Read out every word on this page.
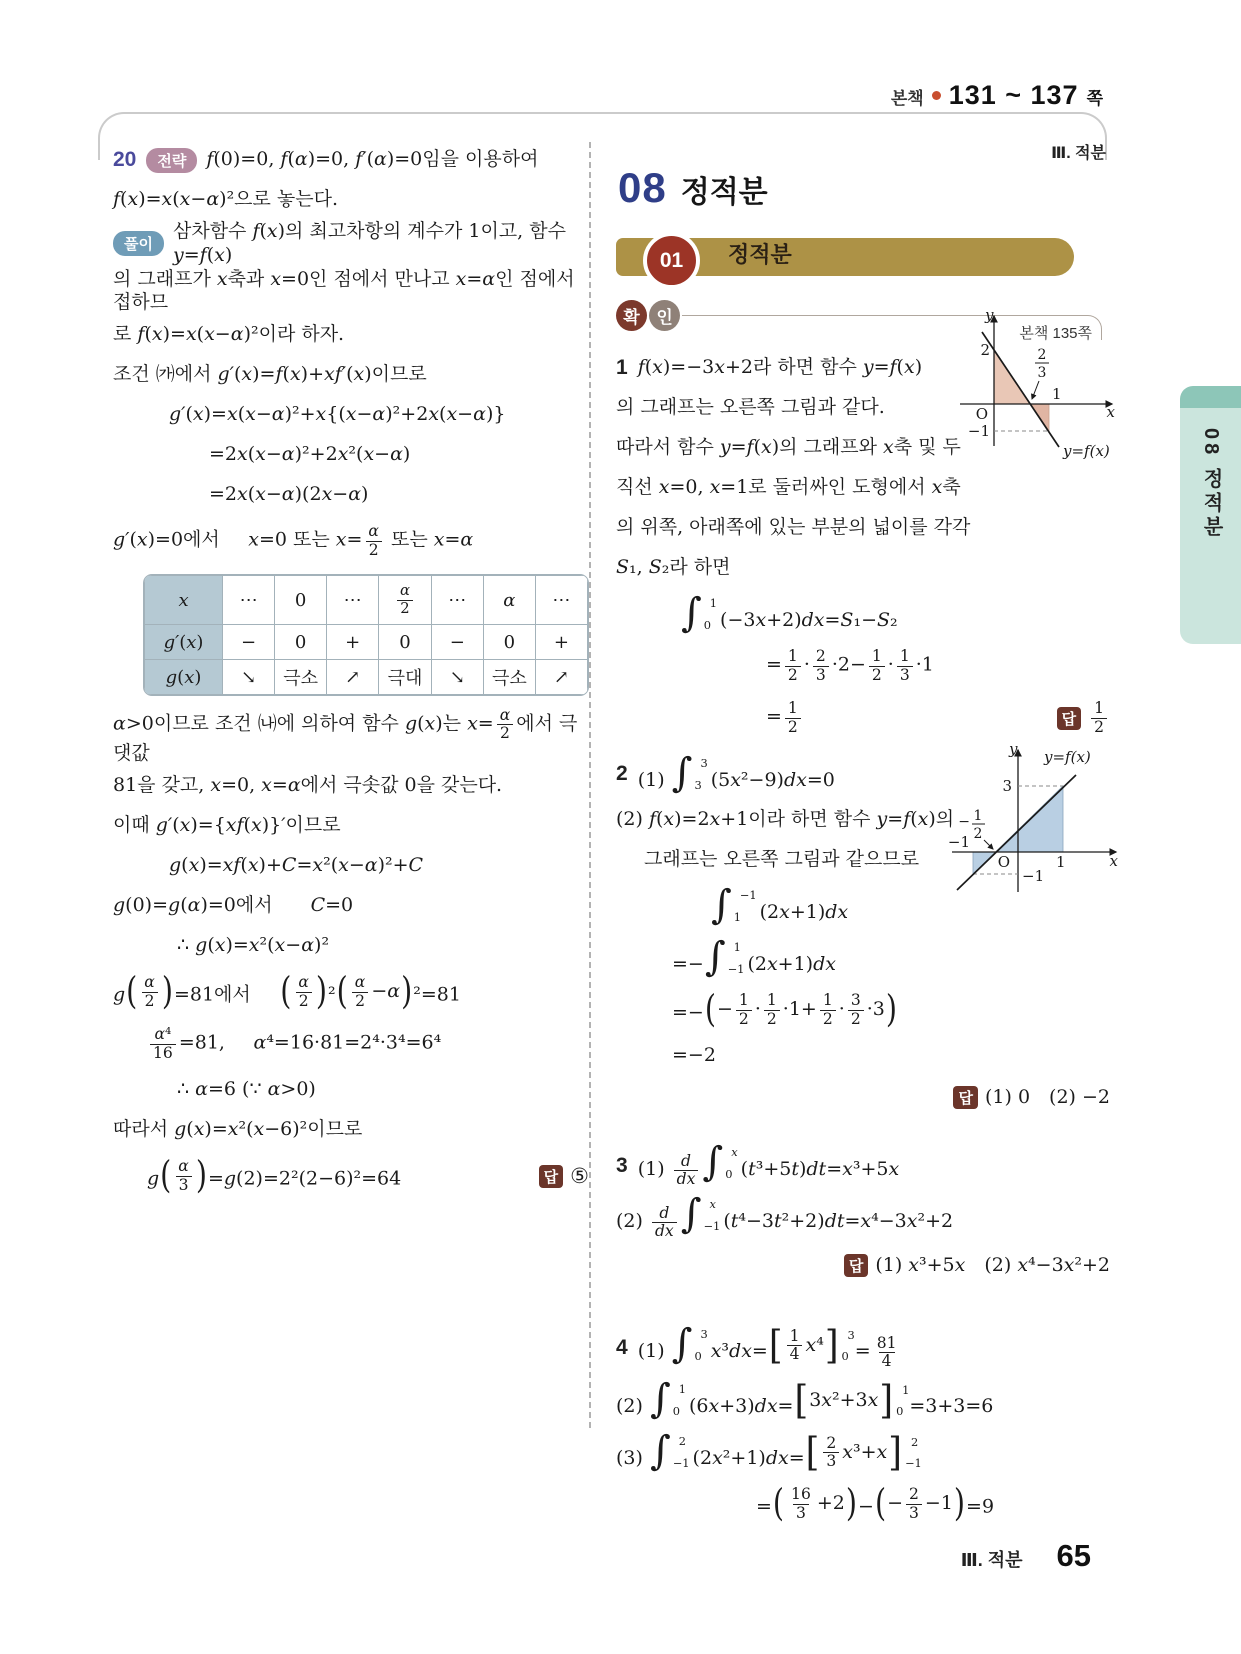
본책 131 ~ 137 쪽
08 정적분
Ⅲ. 적분 65
20	전략	f(0)=0, f(α)=0, f′(α)=0임을 이용하여
f(x)=x(x−α)²으로 놓는다.
풀이
삼차함수 f(x)의 최고차항의 계수가 1이고, 함수 y=f(x)
의 그래프가 x축과 x=0인 점에서 만나고 x=α인 점에서 접하므
로 f(x)=x(x−α)²이라 하자.
조건 ㈎에서 g′(x)=f(x)+xf′(x)이므로
g′(x)=x(x−α)²+x{(x−α)²+2x(x−α)}
=2x(x−α)²+2x²(x−α)
=2x(x−α)(2x−α)
g′(x)=0에서  x=0 또는 $x= \frac{\alpha}{2}$ 또는 x=α
x	⋯	0	⋯	$\frac{\alpha}{2}$	⋯	α	⋯
g′(x)	−	0	+	0	−	0	+
g(x)	↘	극소	↗	극대	↘	극소	↗
α>0이므로 조건 ㈏에 의하여 함수 g(x)는 $x= \frac{\alpha}{2}$ 에서 극댓값
81을 갖고, x=0, x=α에서 극솟값 0을 갖는다.
이때 g′(x)={xf(x)}′이므로
g(x)=xf(x)+C=x²(x−α)²+C
g(0)=g(α)=0에서  C=0
∴ g(x)=x²(x−α)²
g ( $\frac{\alpha}{2}$ ) =81에서   ( $\frac{\alpha}{2}$ ) ² ( $\frac{\alpha}{2} - \alpha$ ) ²=81
$\frac{\text{α⁴}}{16} =81$,  α⁴=16·81=2⁴·3⁴=6⁴
∴ α=6 (∵ α>0)
따라서 g(x)=x²(x−6)²이므로
g ( $\frac{\alpha}{3}$ ) =g(2)=2²(2−6)²=64	답 ⑤
Ⅲ. 적분
08 정적분
01	정적분
확 인
본책 135쪽
1 f(x)=−3x+2라 하면 함수 y=f(x)
의 그래프는 오른쪽 그림과 같다.
따라서 함수 y=f(x)의 그래프와 x축 및 두
직선 x=0, x=1로 둘러싸인 도형에서 x축
의 위쪽, 아래쪽에 있는 부분의 넓이를 각각
S₁, S₂라 하면
∫ 1
0 (−3x+2)dx=S₁−S₂
= $\frac{1}{2} \cdot \frac{2}{3} \cdot 2- \frac{1}{2} \cdot \frac{1}{3} \cdot 1$
= $\frac{1}{2}$	답 $\frac{1}{2}$
y
x
2	2
3
1
O
−1
y=f(x)
2 (1) ∫ 3
3 (5x²−9)dx=0
(2) f(x)=2x+1이라 하면 함수 y=f(x)의
그래프는 오른쪽 그림과 같으므로
∫ −1
1 (2x+1)dx
=− ∫ 1
−1 (2x+1)dx
=− ( − $\frac{1}{2} \cdot \frac{1}{2} \cdot 1+ \frac{1}{2} \cdot \frac{3}{2} \cdot 3$ )
=−2
답 (1) 0 (2) −2
y y=f(x)
3
− 1
2
−1
O	1
−1
x
3 $(1) \frac{d}{dx}$ ∫ x
0 (t³+5t)dt=x³+5x
$(2) \frac{d}{dx}$ ∫ x
−1 (t⁴−3t²+2)dt=x⁴−3x²+2
답 (1) x³+5x (2) x⁴−3x²+2
4 (1) ∫ 3
0 x³dx= [ $\frac{1}{4}$ x ⁴ ] 3
$0 = \frac{81}{4}$
(2) ∫ 1
0 (6x+3)dx= [ 3 x ²+3 x ] 1
0 =3+3=6
(3) ∫ 2
−1 (2x²+1)dx= [ $\frac{2}{3}$ x ³+ x ] 2
−1
= ( $\frac{16}{3} +2$ ) − ( − $\frac{2}{3} -1$ ) =9
